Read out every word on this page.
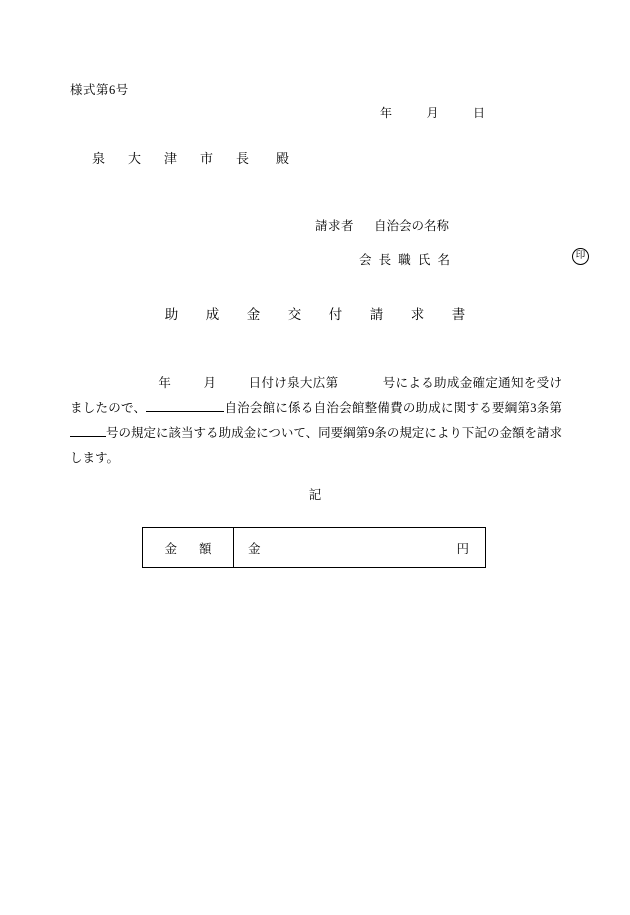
様式第6号
年	月	日
泉　大　津　市　長 殿
請求者 自治会の名称
会 長 職 氏 名	印
助　成　金　交　付　請　求　書
年	月	日付け泉大広第	号による助成金確定通知を受けましたので、	自治会館に係る自治会館整備費の助成に関する要綱第3条第号の規定に該当する助成金について、同要綱第9条の規定により下記の金額を請求します。
記
金 額	金	円
